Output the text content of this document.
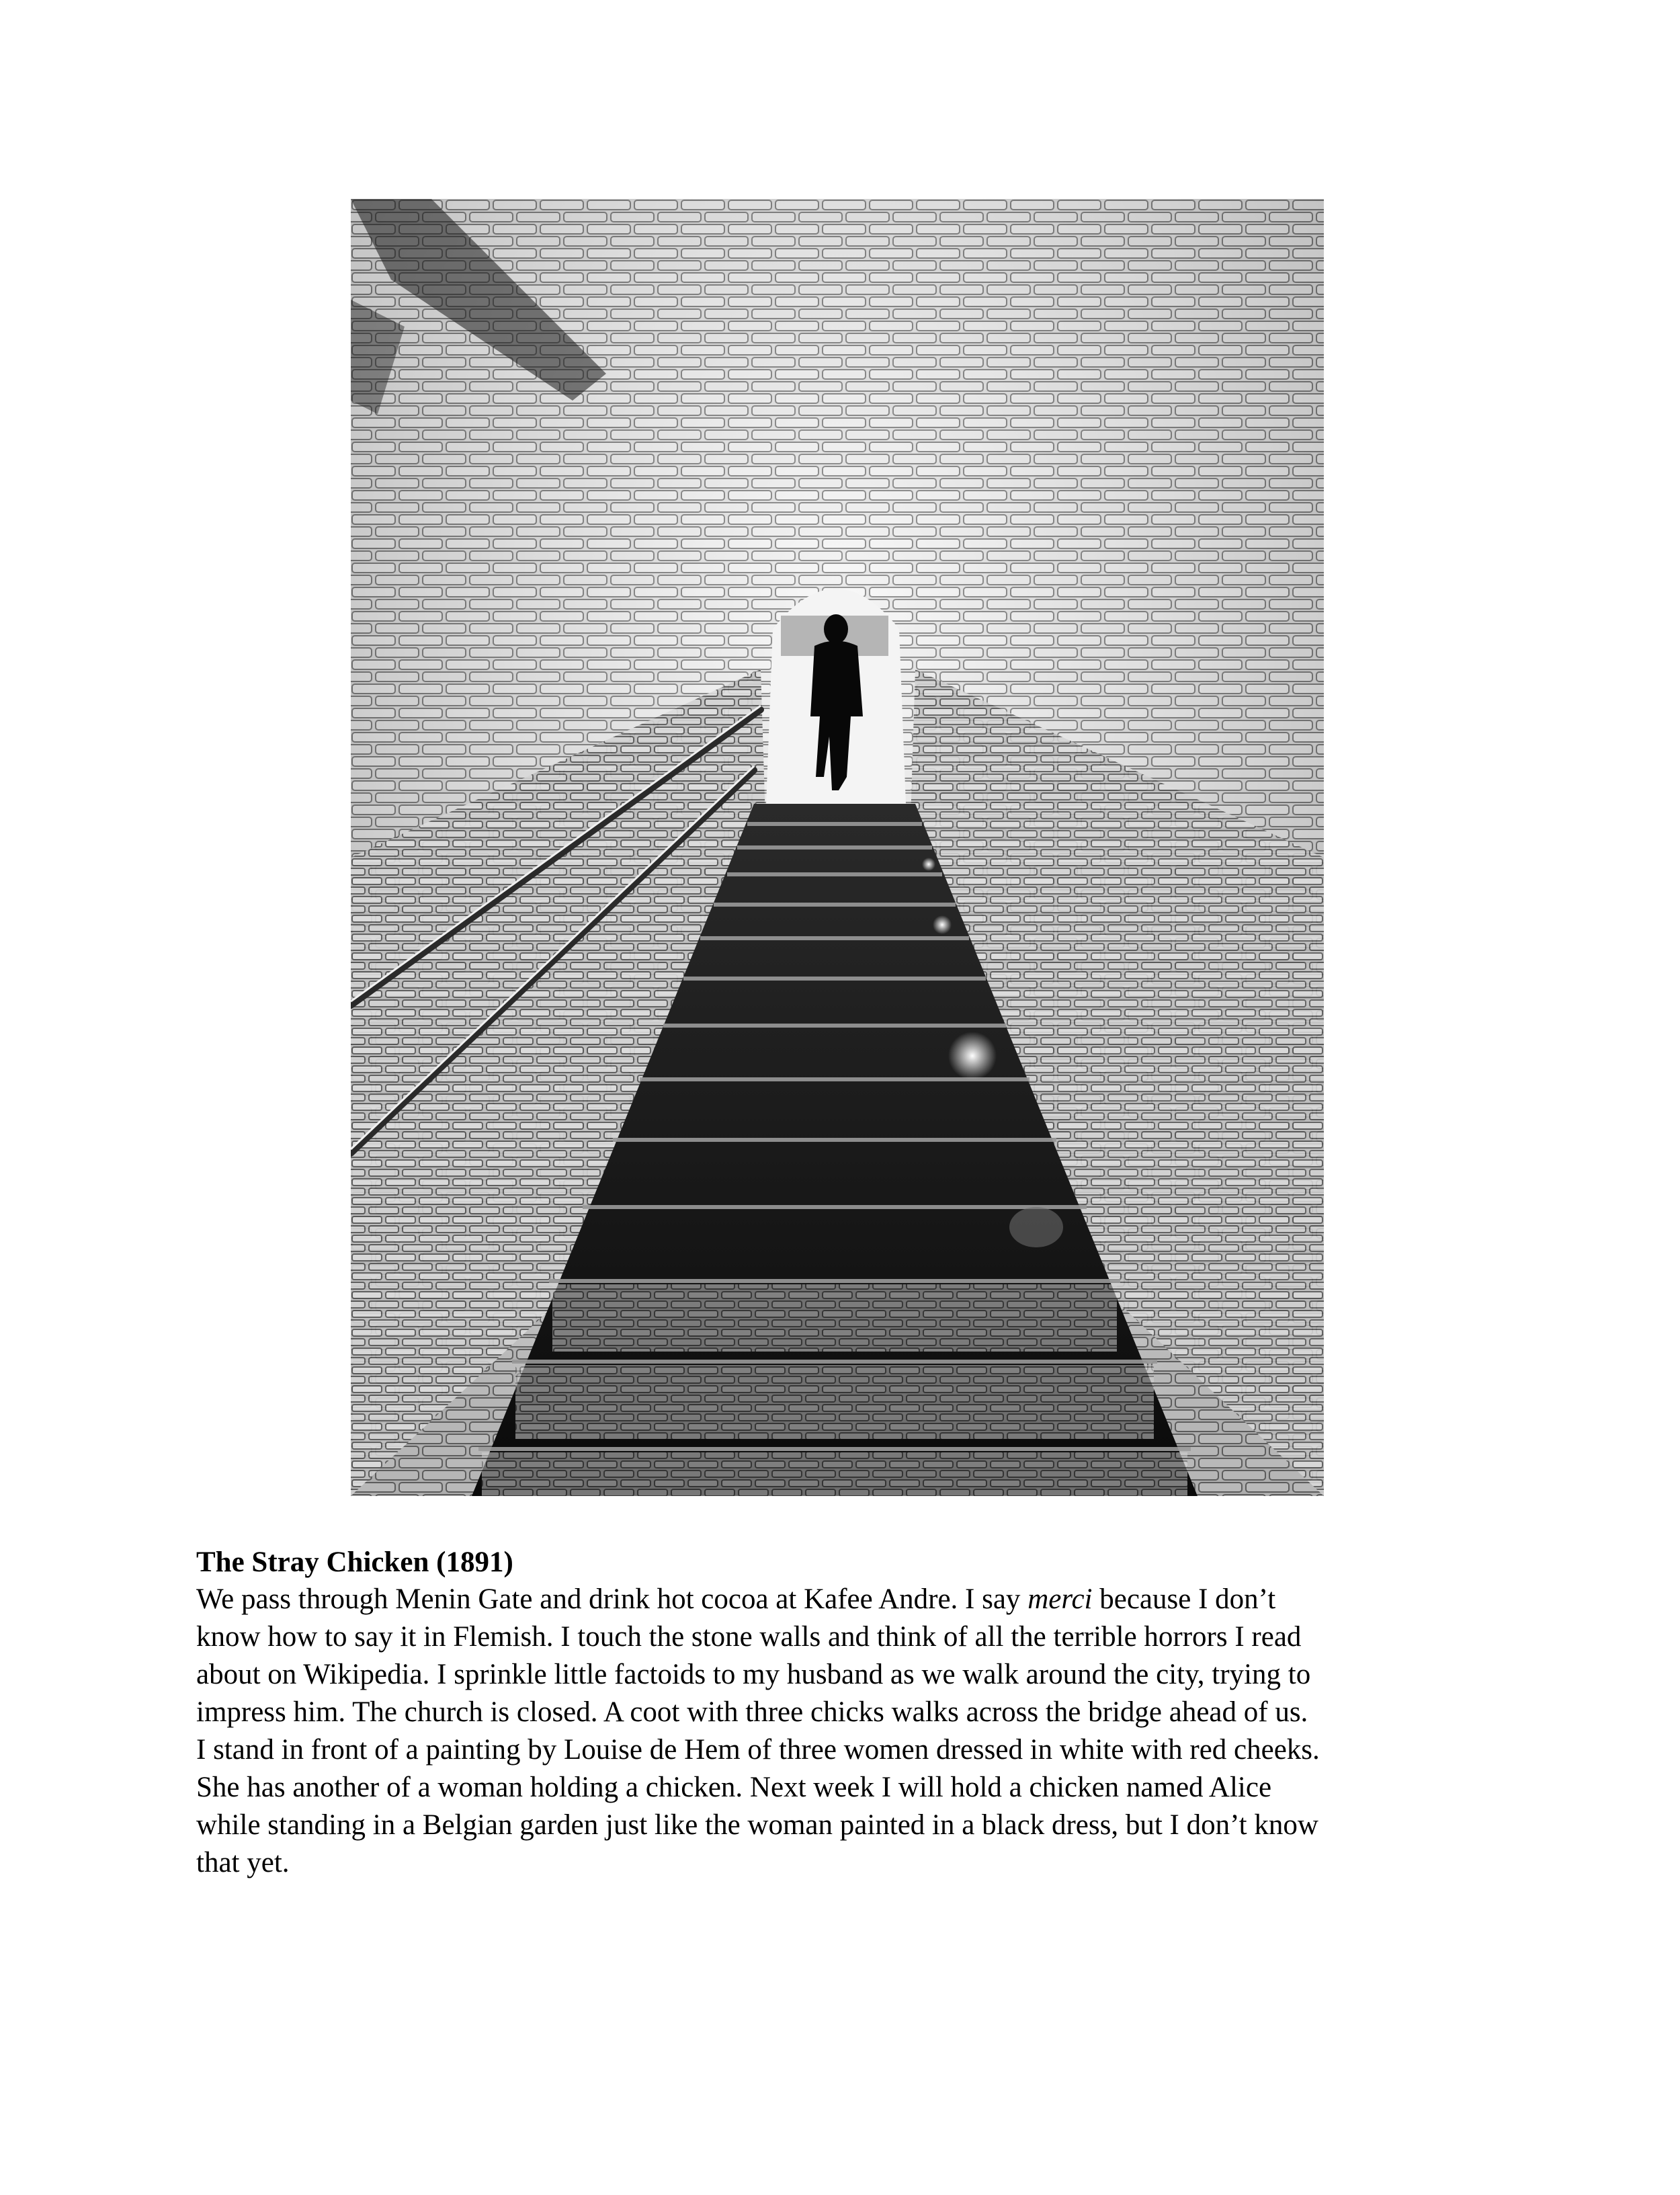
The Stray Chicken (1891)

We pass through Menin Gate and drink hot cocoa at Kafee Andre. I say merci because I don’t
know how to say it in Flemish. I touch the stone walls and think of all the terrible horrors I read
about on Wikipedia. I sprinkle little factoids to my husband as we walk around the city, trying to
impress him. The church is closed. A coot with three chicks walks across the bridge ahead of us.
I stand in front of a painting by Louise de Hem of three women dressed in white with red cheeks.
She has another of a woman holding a chicken. Next week I will hold a chicken named Alice
while standing in a Belgian garden just like the woman painted in a black dress, but I don’t know
that yet.
